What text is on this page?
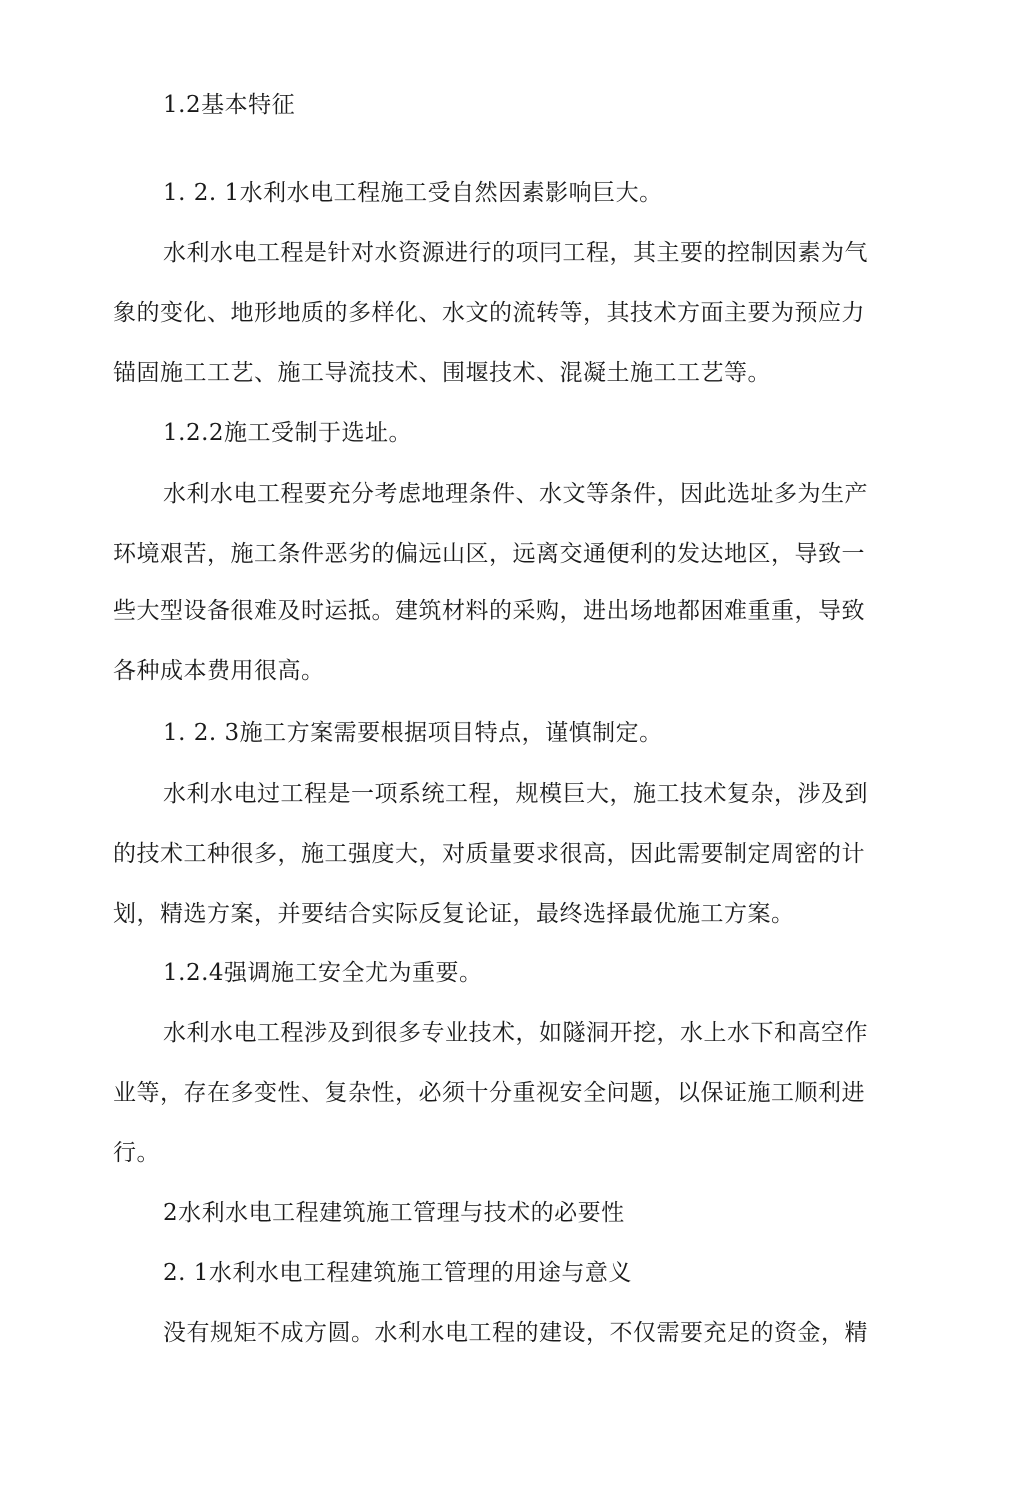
1.2基本特征
1. 2. 1水利水电工程施工受自然因素影响巨大。
水利水电工程是针对水资源进行的项冃工程，其主要的控制因素为气
象的变化、地形地质的多样化、水文的流转等，其技术方面主要为预应力
锚固施工工艺、施工导流技术、围堰技术、混凝土施工工艺等。
1.2.2施工受制于选址。
水利水电工程要充分考虑地理条件、水文等条件，因此选址多为生产
环境艰苦，施工条件恶劣的偏远山区，远离交通便利的发达地区，导致一
些大型设备很难及时运抵。建筑材料的采购，进出场地都困难重重，导致
各种成本费用很高。
1. 2. 3施工方案需要根据项目特点，谨慎制定。
水利水电过工程是一项系统工程，规模巨大，施工技术复杂，涉及到
的技术工种很多，施工强度大，对质量要求很高，因此需要制定周密的计
划，精选方案，并要结合实际反复论证，最终选择最优施工方案。
1.2.4强调施工安全尤为重要。
水利水电工程涉及到很多专业技术，如隧洞开挖，水上水下和高空作
业等，存在多变性、复杂性，必须十分重视安全问题，以保证施工顺利进
行。
2水利水电工程建筑施工管理与技术的必要性
2. 1水利水电工程建筑施工管理的用途与意义
没有规矩不成方圆。水利水电工程的建设，不仅需要充足的资金，精
